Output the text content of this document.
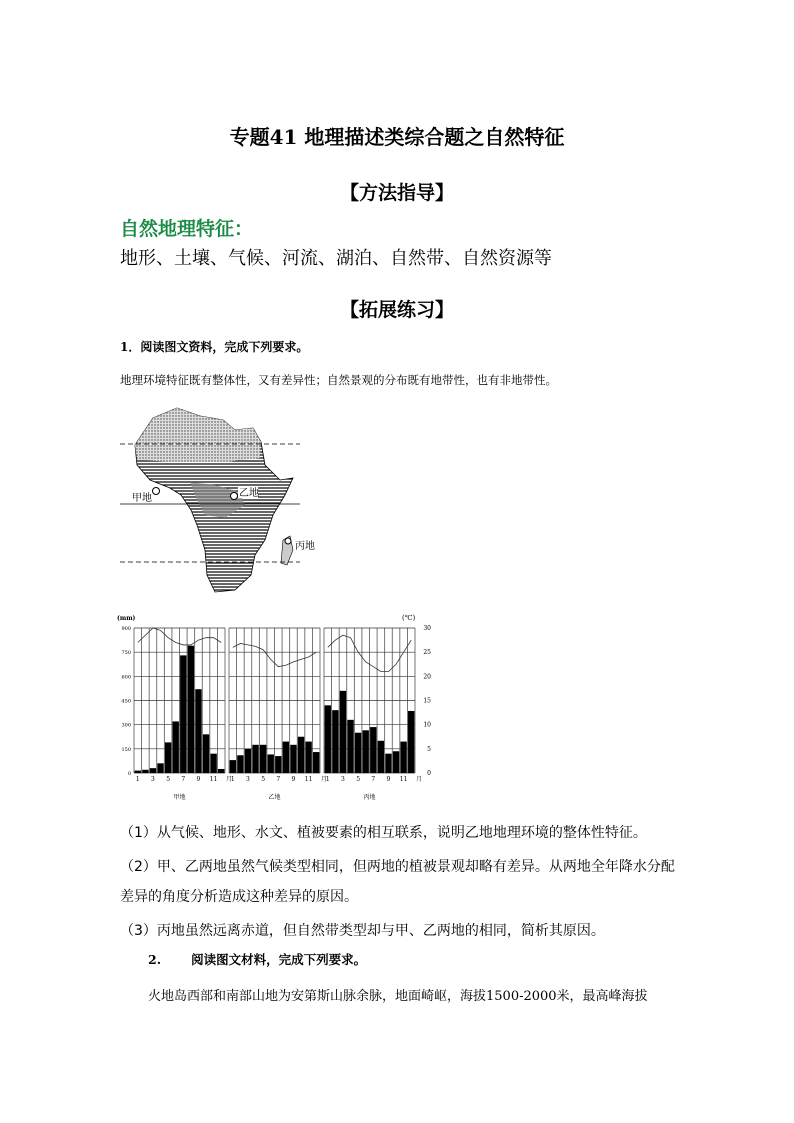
专题41 地理描述类综合题之自然特征
【方法指导】
自然地理特征：
地形、土壤、气候、河流、湖泊、自然带、自然资源等
【拓展练习】
1．阅读图文资料，完成下列要求。
地理环境特征既有整体性，又有差异性；自然景观的分布既有地带性，也有非地带性。
甲地	乙地
丙地
(mm)	(℃)
0
150
300
450
600
750
900
0
5
10
15
20
25
30
1 3 5 7 9 11 月
甲地
1 3 5 7 9 11 月
乙地
1 3 5 7 9 11 月
丙地
（1）从气候、地形、水文、植被要素的相互联系，说明乙地地理环境的整体性特征。
（2）甲、乙两地虽然气候类型相同，但两地的植被景观却略有差异。从两地全年降水分配
差异的角度分析造成这种差异的原因。
（3）丙地虽然远离赤道，但自然带类型却与甲、乙两地的相同，简析其原因。
2. 阅读图文材料，完成下列要求。
火地岛西部和南部山地为安第斯山脉余脉，地面崎岖，海拔1500-2000米，最高峰海拔
